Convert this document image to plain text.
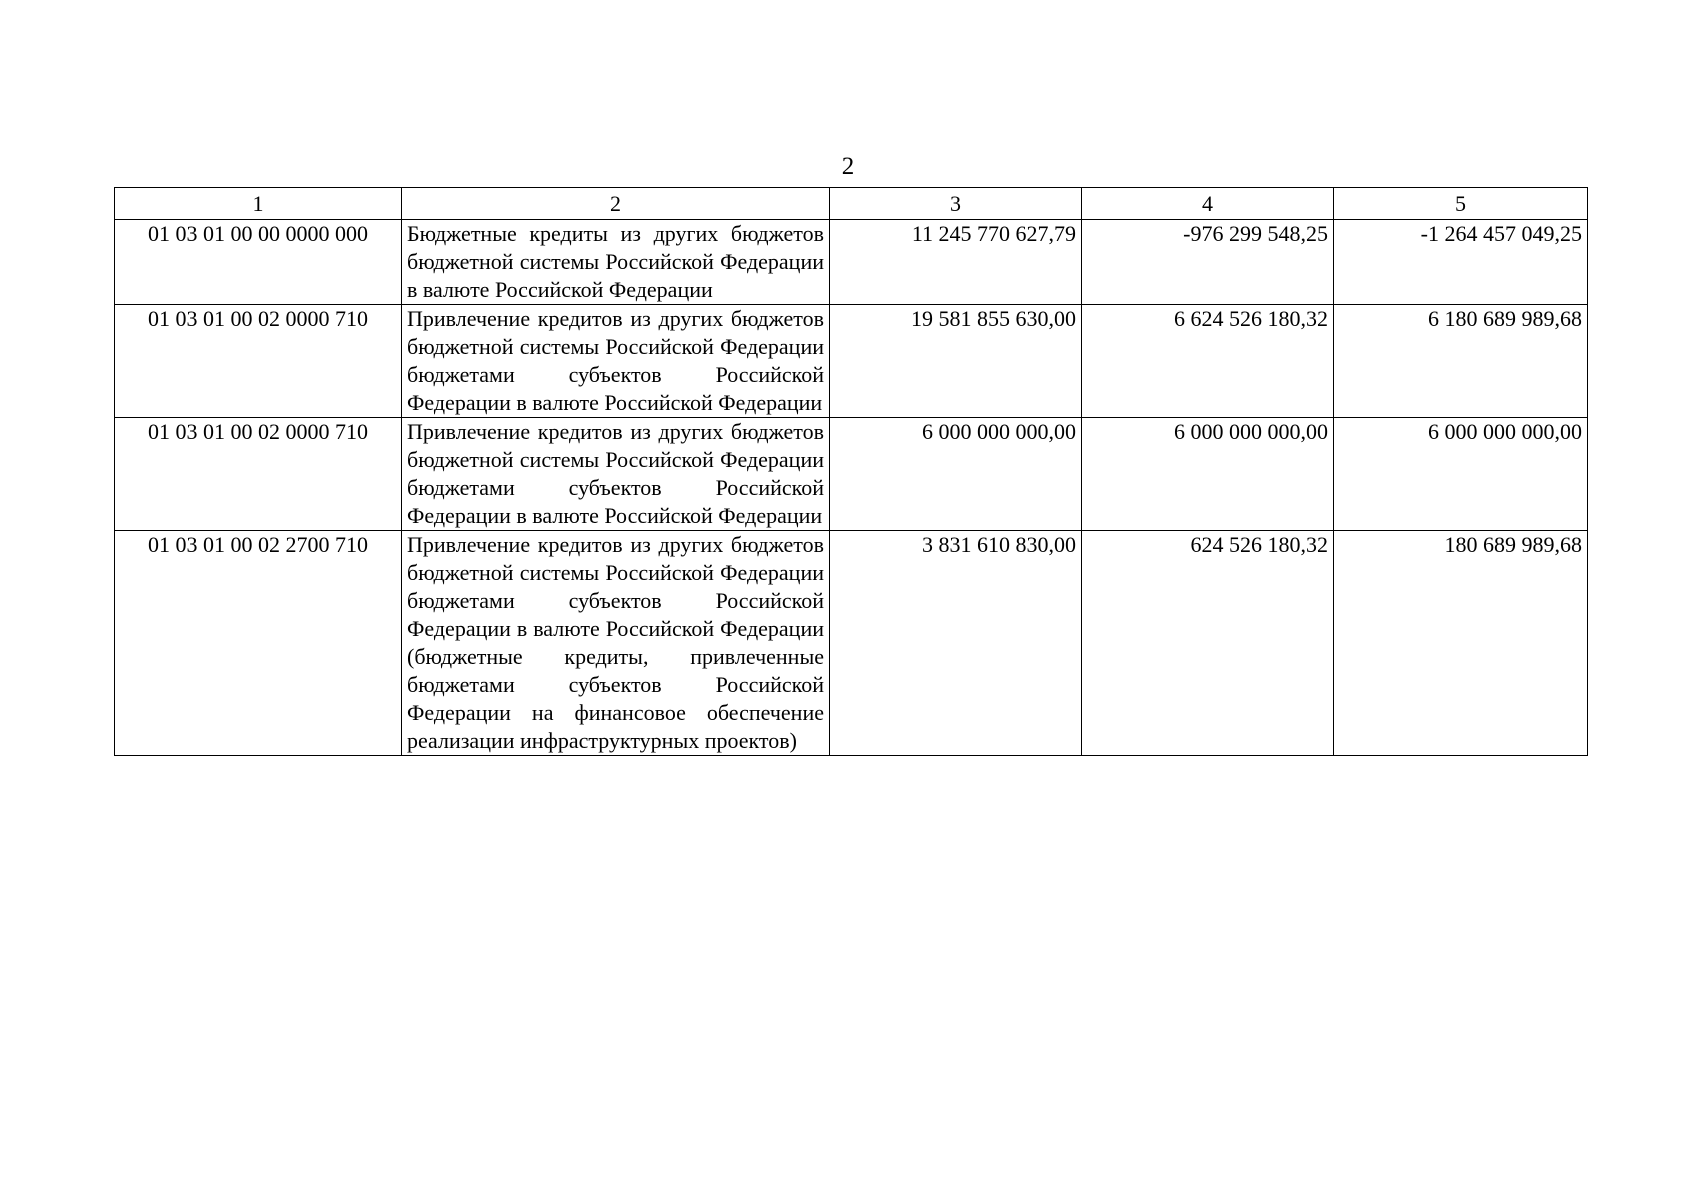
2
1	2	3	4	5
01 03 01 00 00 0000 000	Бюджетные кредиты из других бюджетов бюджетной системы Российской Федерации в валюте Российской Федерации	11 245 770 627,79	-976 299 548,25	-1 264 457 049,25
01 03 01 00 02 0000 710	Привлечение кредитов из других бюджетов бюджетной системы Российской Федерации бюджетами субъектов Российской Федерации в валюте Российской Федерации	19 581 855 630,00	6 624 526 180,32	6 180 689 989,68
01 03 01 00 02 0000 710	Привлечение кредитов из других бюджетов бюджетной системы Российской Федерации бюджетами субъектов Российской Федерации в валюте Российской Федерации	6 000 000 000,00	6 000 000 000,00	6 000 000 000,00
01 03 01 00 02 2700 710	Привлечение кредитов из других бюджетов бюджетной системы Российской Федерации бюджетами субъектов Российской Федерации в валюте Российской Федерации (бюджетные кредиты, привлеченные бюджетами субъектов Российской Федерации на финансовое обеспечение реализации инфраструктурных проектов)	3 831 610 830,00	624 526 180,32	180 689 989,68
